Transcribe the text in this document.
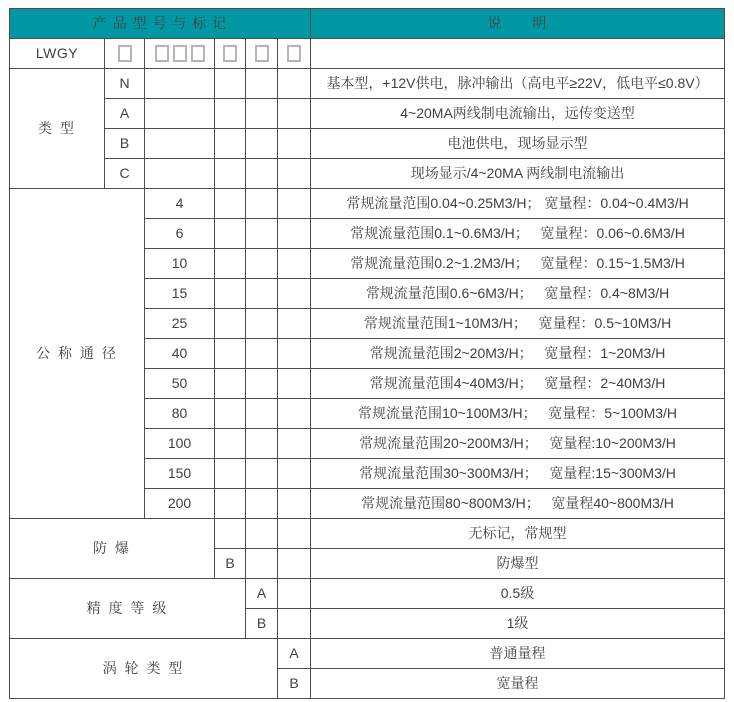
产 品 型 号 与 标 记						说　　明
LWGY						
类 型	N					基本型，+12V供电，脉冲输出（高电平≥22V，低电平≤0.8V）
	A					4~20MA两线制电流输出，远传变送型
	B					电池供电，现场显示型
	C					现场显示/4~20MA 两线制电流输出
公 称 通 径		4				常规流量范围0.04~0.25M3/H； 宽量程：0.04~0.4M3/H
		6				常规流量范围0.1~0.6M3/H；   宽量程：0.06~0.6M3/H
		10				常规流量范围0.2~1.2M3/H；   宽量程：0.15~1.5M3/H
		15				常规流量范围0.6~6M3/H；   宽量程：0.4~8M3/H
		25				常规流量范围1~10M3/H；   宽量程：0.5~10M3/H
		40				常规流量范围2~20M3/H；   宽量程：1~20M3/H
		50				常规流量范围4~40M3/H；   宽量程：2~40M3/H
		80				常规流量范围10~100M3/H；   宽量程：5~100M3/H
		100				常规流量范围20~200M3/H；   宽量程:10~200M3/H
		150				常规流量范围30~300M3/H；   宽量程:15~300M3/H
		200				常规流量范围80~800M3/H；   宽量程40~800M3/H
防 爆						无标记，常规型
			B			防爆型
精 度 等 级				A		0.5级
				B		1级
涡 轮 类 型					A	普通量程
					B	宽量程
